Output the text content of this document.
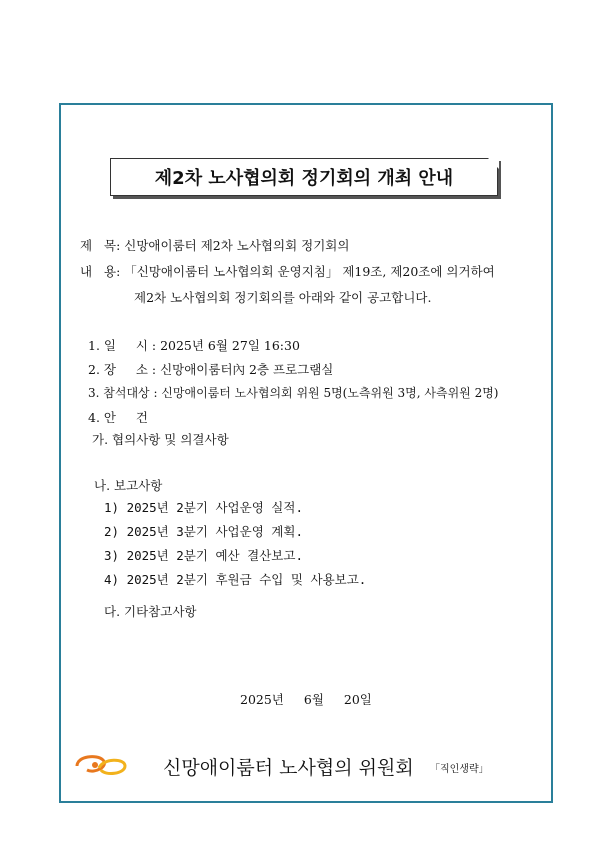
제2차 노사협의회 정기회의 개최 안내
제   목: 신망애이룸터 제2차 노사협의회 정기회의
내   용: 「신망애이룸터 노사협의회 운영지침」 제19조, 제20조에 의거하여
제2차 노사협의회 정기회의를 아래와 같이 공고합니다.
1. 일     시 : 2025년 6월 27일 16:30
2. 장     소 : 신망애이룸터內 2층 프로그램실
3. 참석대상 : 신망애이룸터 노사협의회 위원 5명(노측위원 3명, 사측위원 2명)
4. 안     건
가. 협의사항 및 의결사항
나. 보고사항
1) 2025년 2분기 사업운영 실적.
2) 2025년 3분기 사업운영 계획.
3) 2025년 2분기 예산 결산보고.
4) 2025년 2분기 후원금 수입 및 사용보고.
다. 기타참고사항
2025년 6월 20일
신망애이룸터 노사협의 위원회 「직인생략」
